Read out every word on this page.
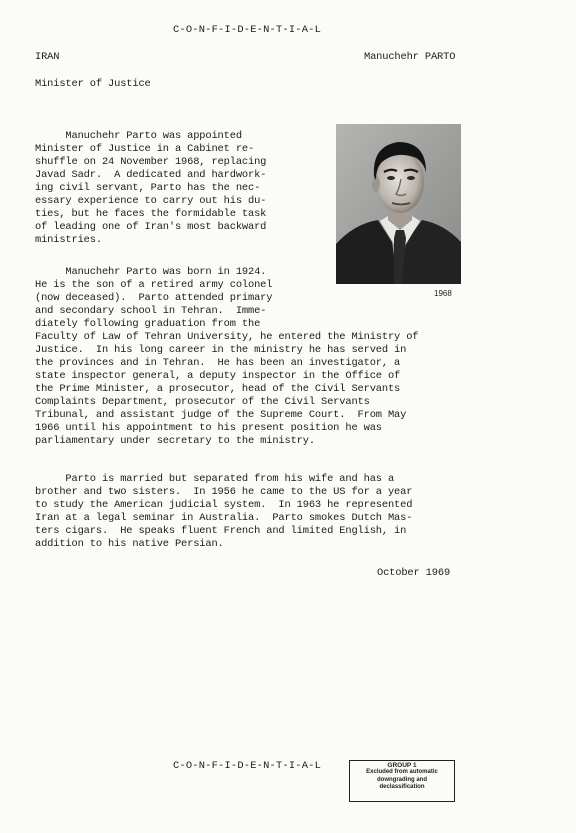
C-O-N-F-I-D-E-N-T-I-A-L
IRAN	Manuchehr PARTO
Minister of Justice
Manuchehr Parto was appointed
Minister of Justice in a Cabinet re-
shuffle on 24 November 1968, replacing
Javad Sadr.  A dedicated and hardwork-
ing civil servant, Parto has the nec-
essary experience to carry out his du-
ties, but he faces the formidable task
of leading one of Iran's most backward
ministries.
1968
Manuchehr Parto was born in 1924.
He is the son of a retired army colonel
(now deceased).  Parto attended primary
and secondary school in Tehran.  Imme-
diately following graduation from the
Faculty of Law of Tehran University, he entered the Ministry of
Justice.  In his long career in the ministry he has served in
the provinces and in Tehran.  He has been an investigator, a
state inspector general, a deputy inspector in the Office of
the Prime Minister, a prosecutor, head of the Civil Servants
Complaints Department, prosecutor of the Civil Servants
Tribunal, and assistant judge of the Supreme Court.  From May
1966 until his appointment to his present position he was
parliamentary under secretary to the ministry.
Parto is married but separated from his wife and has a
brother and two sisters.  In 1956 he came to the US for a year
to study the American judicial system.  In 1963 he represented
Iran at a legal seminar in Australia.  Parto smokes Dutch Mas-
ters cigars.  He speaks fluent French and limited English, in
addition to his native Persian.
October 1969
C-O-N-F-I-D-E-N-T-I-A-L	GROUP 1
Excluded from automatic
downgrading and
declassification
